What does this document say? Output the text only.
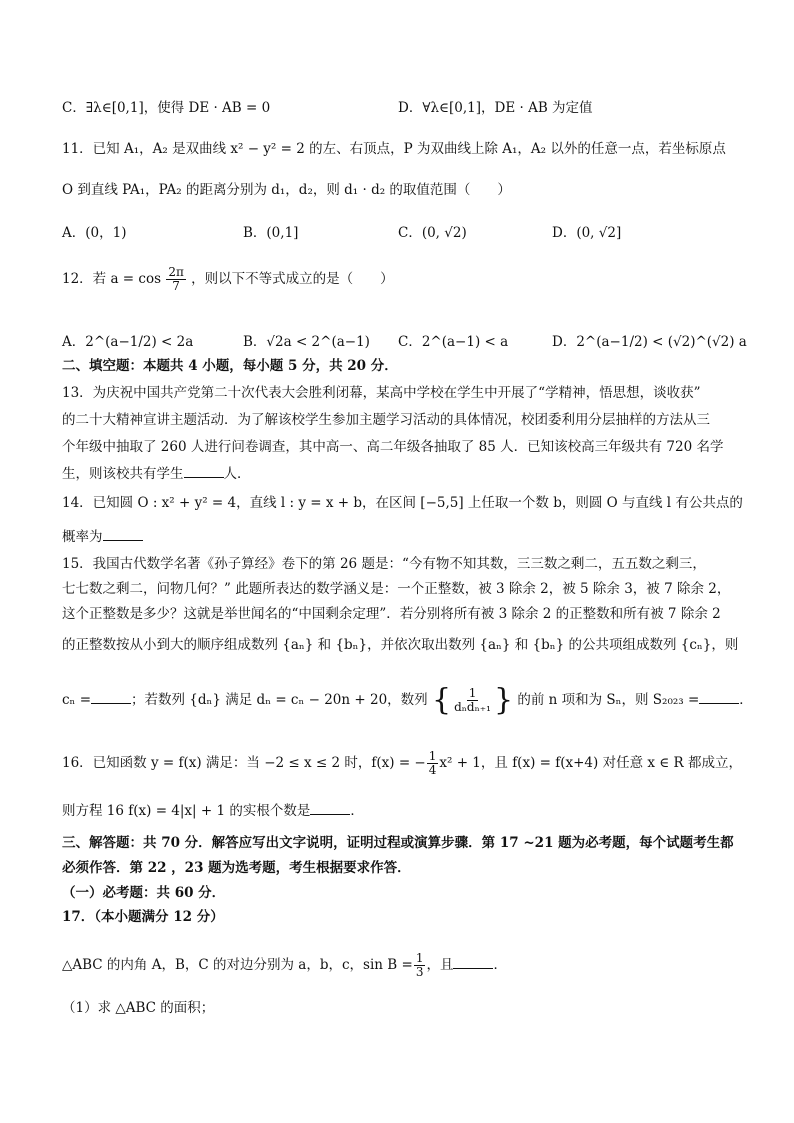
C．∃λ∈[0,1]，使得 DE · AB = 0	D．∀λ∈[0,1]，DE · AB 为定值
11．已知 A₁，A₂ 是双曲线 x² − y² = 2 的左、右顶点，P 为双曲线上除 A₁，A₂ 以外的任意一点，若坐标原点
O 到直线 PA₁，PA₂ 的距离分别为 d₁，d₂，则 d₁ · d₂ 的取值范围（　　）
A．(0，1)	B．(0,1]	C．(0, √2)	D．(0, √2]
12．若 $a = \cos \frac{2\pi}{7}$ ，则以下不等式成立的是（　　）
A．2^(a−1/2) < 2a	B．√2a < 2^(a−1) C．2^(a−1) < a	D．2^(a−1/2) < (√2)^(√2) a
二、填空题：本题共 4 小题，每小题 5 分，共 20 分．
13．为庆祝中国共产党第二十次代表大会胜利闭幕，某高中学校在学生中开展了“学精神，悟思想，谈收获”
的二十大精神宣讲主题活动．为了解该校学生参加主题学习活动的具体情况，校团委利用分层抽样的方法从三
个年级中抽取了 260 人进行问卷调查，其中高一、高二年级各抽取了 85 人．已知该校高三年级共有 720 名学
生，则该校共有学生	人．
14．已知圆 O : x² + y² = 4，直线 l : y = x + b，在区间 [−5,5] 上任取一个数 b，则圆 O 与直线 l 有公共点的
概率为
15．我国古代数学名著《孙子算经》卷下的第 26 题是：“今有物不知其数，三三数之剩二，五五数之剩三，
七七数之剩二，问物几何？” 此题所表达的数学涵义是：一个正整数，被 3 除余 2，被 5 除余 3，被 7 除余 2，
这个正整数是多少？这就是举世闻名的“中国剩余定理”．若分别将所有被 3 除余 2 的正整数和所有被 7 除余 2
的正整数按从小到大的顺序组成数列 {aₙ} 和 {bₙ}，并依次取出数列 {aₙ} 和 {bₙ} 的公共项组成数列 {cₙ}，则
cₙ =	；若数列 {dₙ} 满足 dₙ = cₙ − 20n + 20，数列 { $\frac{1}{\text{dₙdₙ₊₁}}$ } 的前 n 项和为 Sₙ，则 S₂₀₂₃ =	．
16．已知函数 y = f(x) 满足：当 −2 ≤ x ≤ 2 时，f(x) = − $\frac{1}{4} x^2 + 1$，且 f(x) = f(x+4) 对任意 x ∈ R 都成立，
则方程 16 f(x) = 4|x| + 1 的实根个数是	．
三、解答题：共 70 分．解答应写出文字说明，证明过程或演算步骤．第 17 ~21 题为必考题，每个试题考生都
必须作答．第 22 ，23 题为选考题，考生根据要求作答．
（一）必考题：共 60 分．
17．（本小题满分 12 分）
△ABC 的内角 A，B，C 的对边分别为 a，b，c，$\sin B = \frac{1}{3}$ ，且	．
（1）求 △ABC 的面积；
